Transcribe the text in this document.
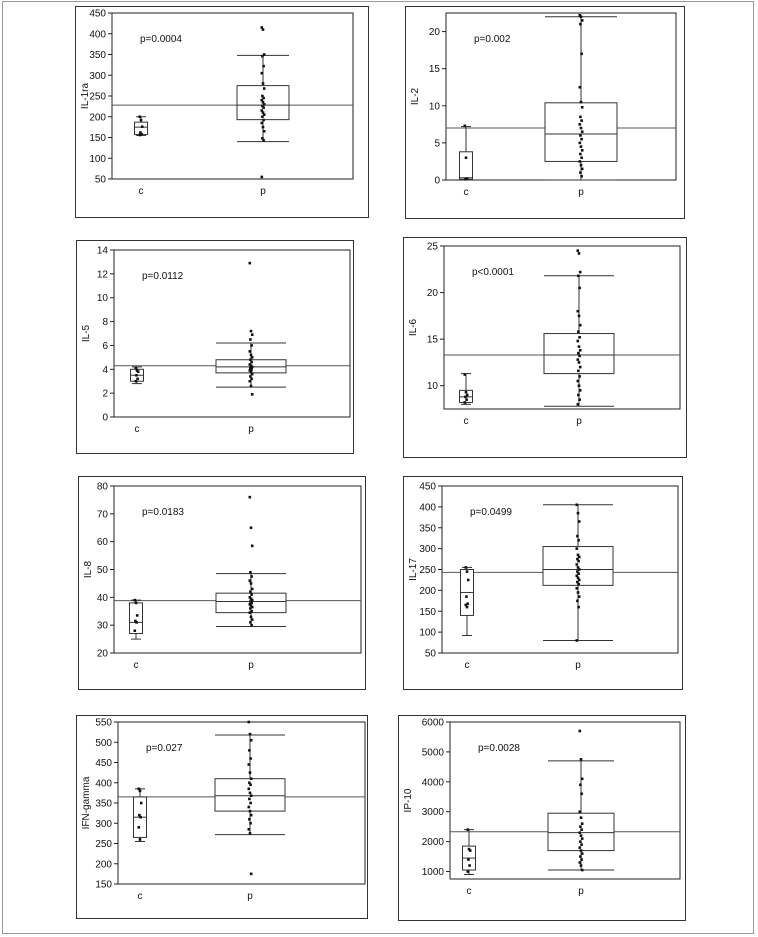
50
100
150
200
250
300
350
400
450
IL-1ra
c	p
p=0.0004
0
5
10
15
20
IL-2
c	p
p=0.002
0
2
4
6
8
10
12
14
IL-5
c	p
p=0.0112
10
15
20
25
IL-6
c	p
p<0.0001
20
30
40
50
60
70
80
IL-8
c	p
p=0.0183
50
100
150
200
250
300
350
400
450
IL-17
c	p
p=0.0499
150
200
250
300
350
400
450
500
550
IFN-gamma
c	p
p=0.027
1000
2000
3000
4000
5000
6000
IP-10
c	p
p=0.0028
